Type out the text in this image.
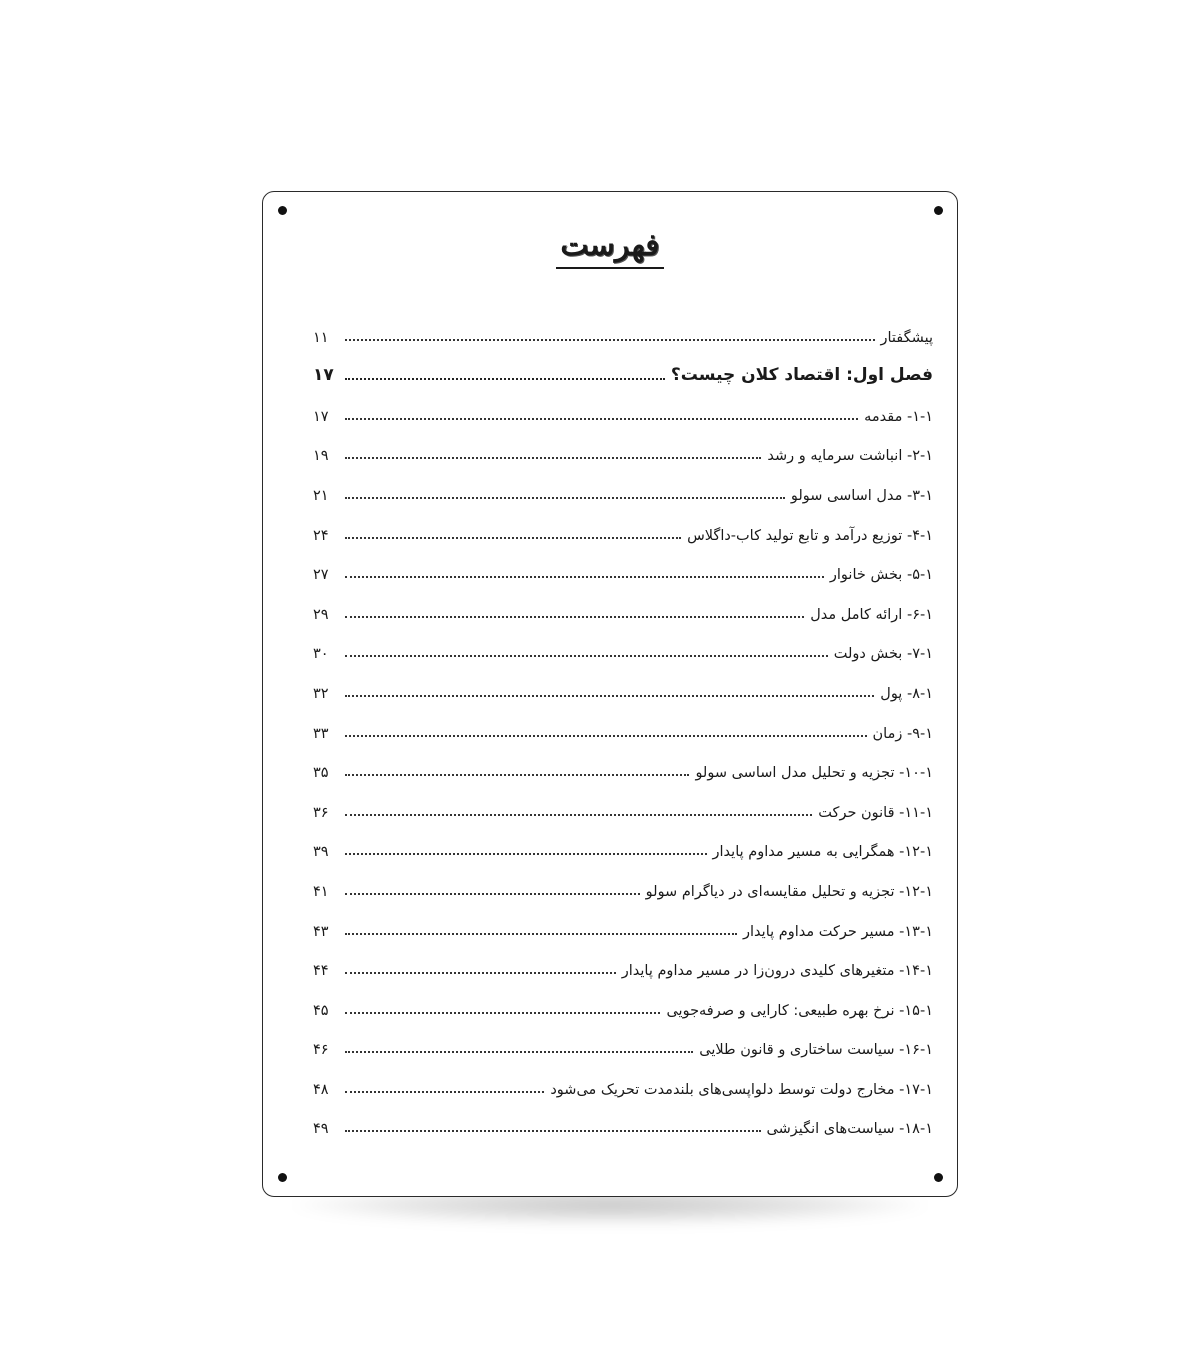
فهرست
پیشگفتار
۱۱
فصل اول: اقتصاد کلان چیست؟
۱۷
۱-۱- مقدمه
۱۷
۲-۱- انباشت سرمایه و رشد
۱۹
۳-۱- مدل اساسی سولو
۲۱
۴-۱- توزیع درآمد و تابع تولید کاب-داگلاس
۲۴
۵-۱- بخش خانوار
۲۷
۶-۱- ارائه کامل مدل
۲۹
۷-۱- بخش دولت
۳۰
۸-۱- پول
۳۲
۹-۱- زمان
۳۳
۱۰-۱- تجزیه و تحلیل مدل اساسی سولو
۳۵
۱۱-۱- قانون حرکت
۳۶
۱۲-۱- همگرایی به مسیر مداوم پایدار
۳۹
۱۲-۱- تجزیه و تحلیل مقایسه‌ای در دیاگرام سولو
۴۱
۱۳-۱- مسیر حرکت مداوم پایدار
۴۳
۱۴-۱- متغیرهای کلیدی درون‌زا در مسیر مداوم پایدار
۴۴
۱۵-۱- نرخ بهره طبیعی: کارایی و صرفه‌جویی
۴۵
۱۶-۱- سیاست ساختاری و قانون طلایی
۴۶
۱۷-۱- مخارج دولت توسط دلواپسی‌های بلندمدت تحریک می‌شود
۴۸
۱۸-۱- سیاست‌های انگیزشی
۴۹
